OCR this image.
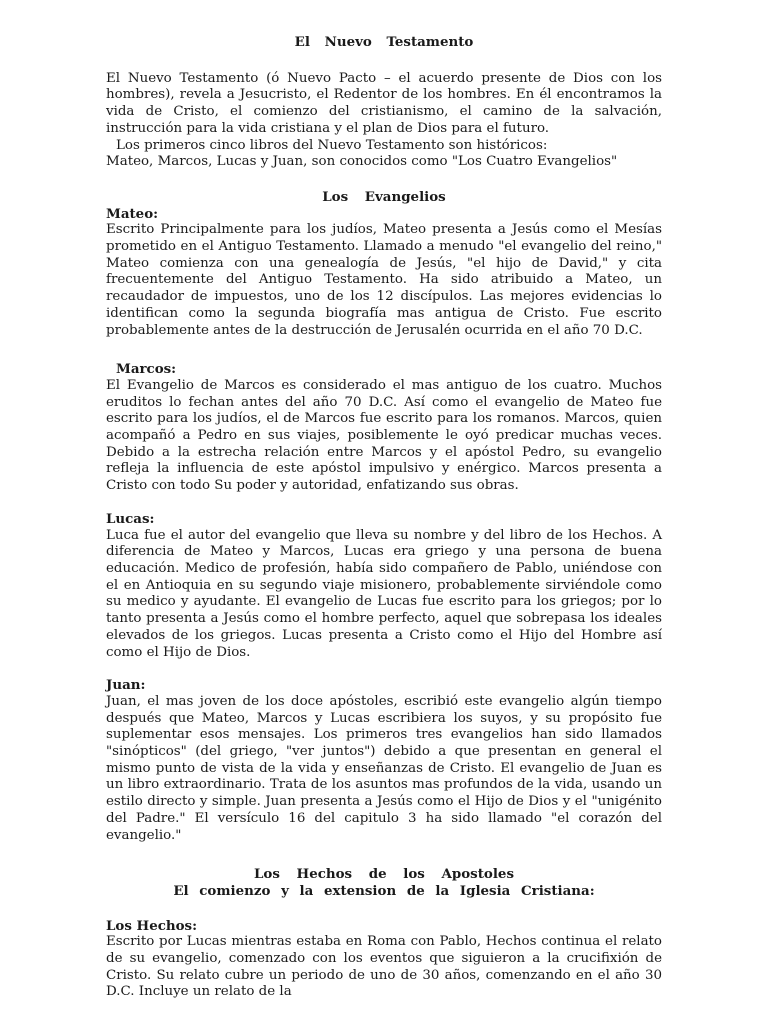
El Nuevo Testamento

El Nuevo Testamento (ó Nuevo Pacto – el acuerdo presente de Dios con los hombres), revela a Jesucristo, el Redentor de los hombres. En él encontramos la vida de Cristo, el comienzo del cristianismo, el camino de la salvación, instrucción para la vida cristiana y el plan de Dios para el futuro.

Los primeros cinco libros del Nuevo Testamento son históricos:

Mateo, Marcos, Lucas y Juan, son conocidos como "Los Cuatro Evangelios"

Los Evangelios
Mateo:

Escrito Principalmente para los judíos, Mateo presenta a Jesús como el Mesías prometido en el Antiguo Testamento. Llamado a menudo "el evangelio del reino," Mateo comienza con una genealogía de Jesús, "el hijo de David," y cita frecuentemente del Antiguo Testamento. Ha sido atribuido a Mateo, un recaudador de impuestos, uno de los 12 discípulos. Las mejores evidencias lo identifican como la segunda biografía mas antigua de Cristo. Fue escrito probablemente antes de la destrucción de Jerusalén ocurrida en el año 70 D.C.

Marcos:

El Evangelio de Marcos es considerado el mas antiguo de los cuatro. Muchos eruditos lo fechan antes del año 70 D.C. Así como el evangelio de Mateo fue escrito para los judíos, el de Marcos fue escrito para los romanos. Marcos, quien acompañó a Pedro en sus viajes, posiblemente le oyó predicar muchas veces. Debido a la estrecha relación entre Marcos y el apóstol Pedro, su evangelio refleja la influencia de este apóstol impulsivo y enérgico. Marcos presenta a Cristo con todo Su poder y autoridad, enfatizando sus obras.

Lucas:

Luca fue el autor del evangelio que lleva su nombre y del libro de los Hechos. A diferencia de Mateo y Marcos, Lucas era griego y una persona de buena educación. Medico de profesión, había sido compañero de Pablo, uniéndose con el en Antioquia en su segundo viaje misionero, probablemente sirviéndole como su medico y ayudante. El evangelio de Lucas fue escrito para los griegos; por lo tanto presenta a Jesús como el hombre perfecto, aquel que sobrepasa los ideales elevados de los griegos. Lucas presenta a Cristo como el Hijo del Hombre así como el Hijo de Dios.

Juan:

Juan, el mas joven de los doce apóstoles, escribió este evangelio algún tiempo después que Mateo, Marcos y Lucas escribiera los suyos, y su propósito fue suplementar esos mensajes. Los primeros tres evangelios han sido llamados "sinópticos" (del griego, "ver juntos") debido a que presentan en general el mismo punto de vista de la vida y enseñanzas de Cristo. El evangelio de Juan es un libro extraordinario. Trata de los asuntos mas profundos de la vida, usando un estilo directo y simple. Juan presenta a Jesús como el Hijo de Dios y el "unigénito del Padre." El versículo 16 del capitulo 3 ha sido llamado "el corazón del evangelio."

Los Hechos de los Apostoles
El comienzo y la extension de la Iglesia Cristiana:
Los Hechos:

Escrito por Lucas mientras estaba en Roma con Pablo, Hechos continua el relato de su evangelio, comenzado con los eventos que siguieron a la crucifixión de Cristo. Su relato cubre un periodo de uno de 30 años, comenzando en el año 30 D.C. Incluye un relato de la
